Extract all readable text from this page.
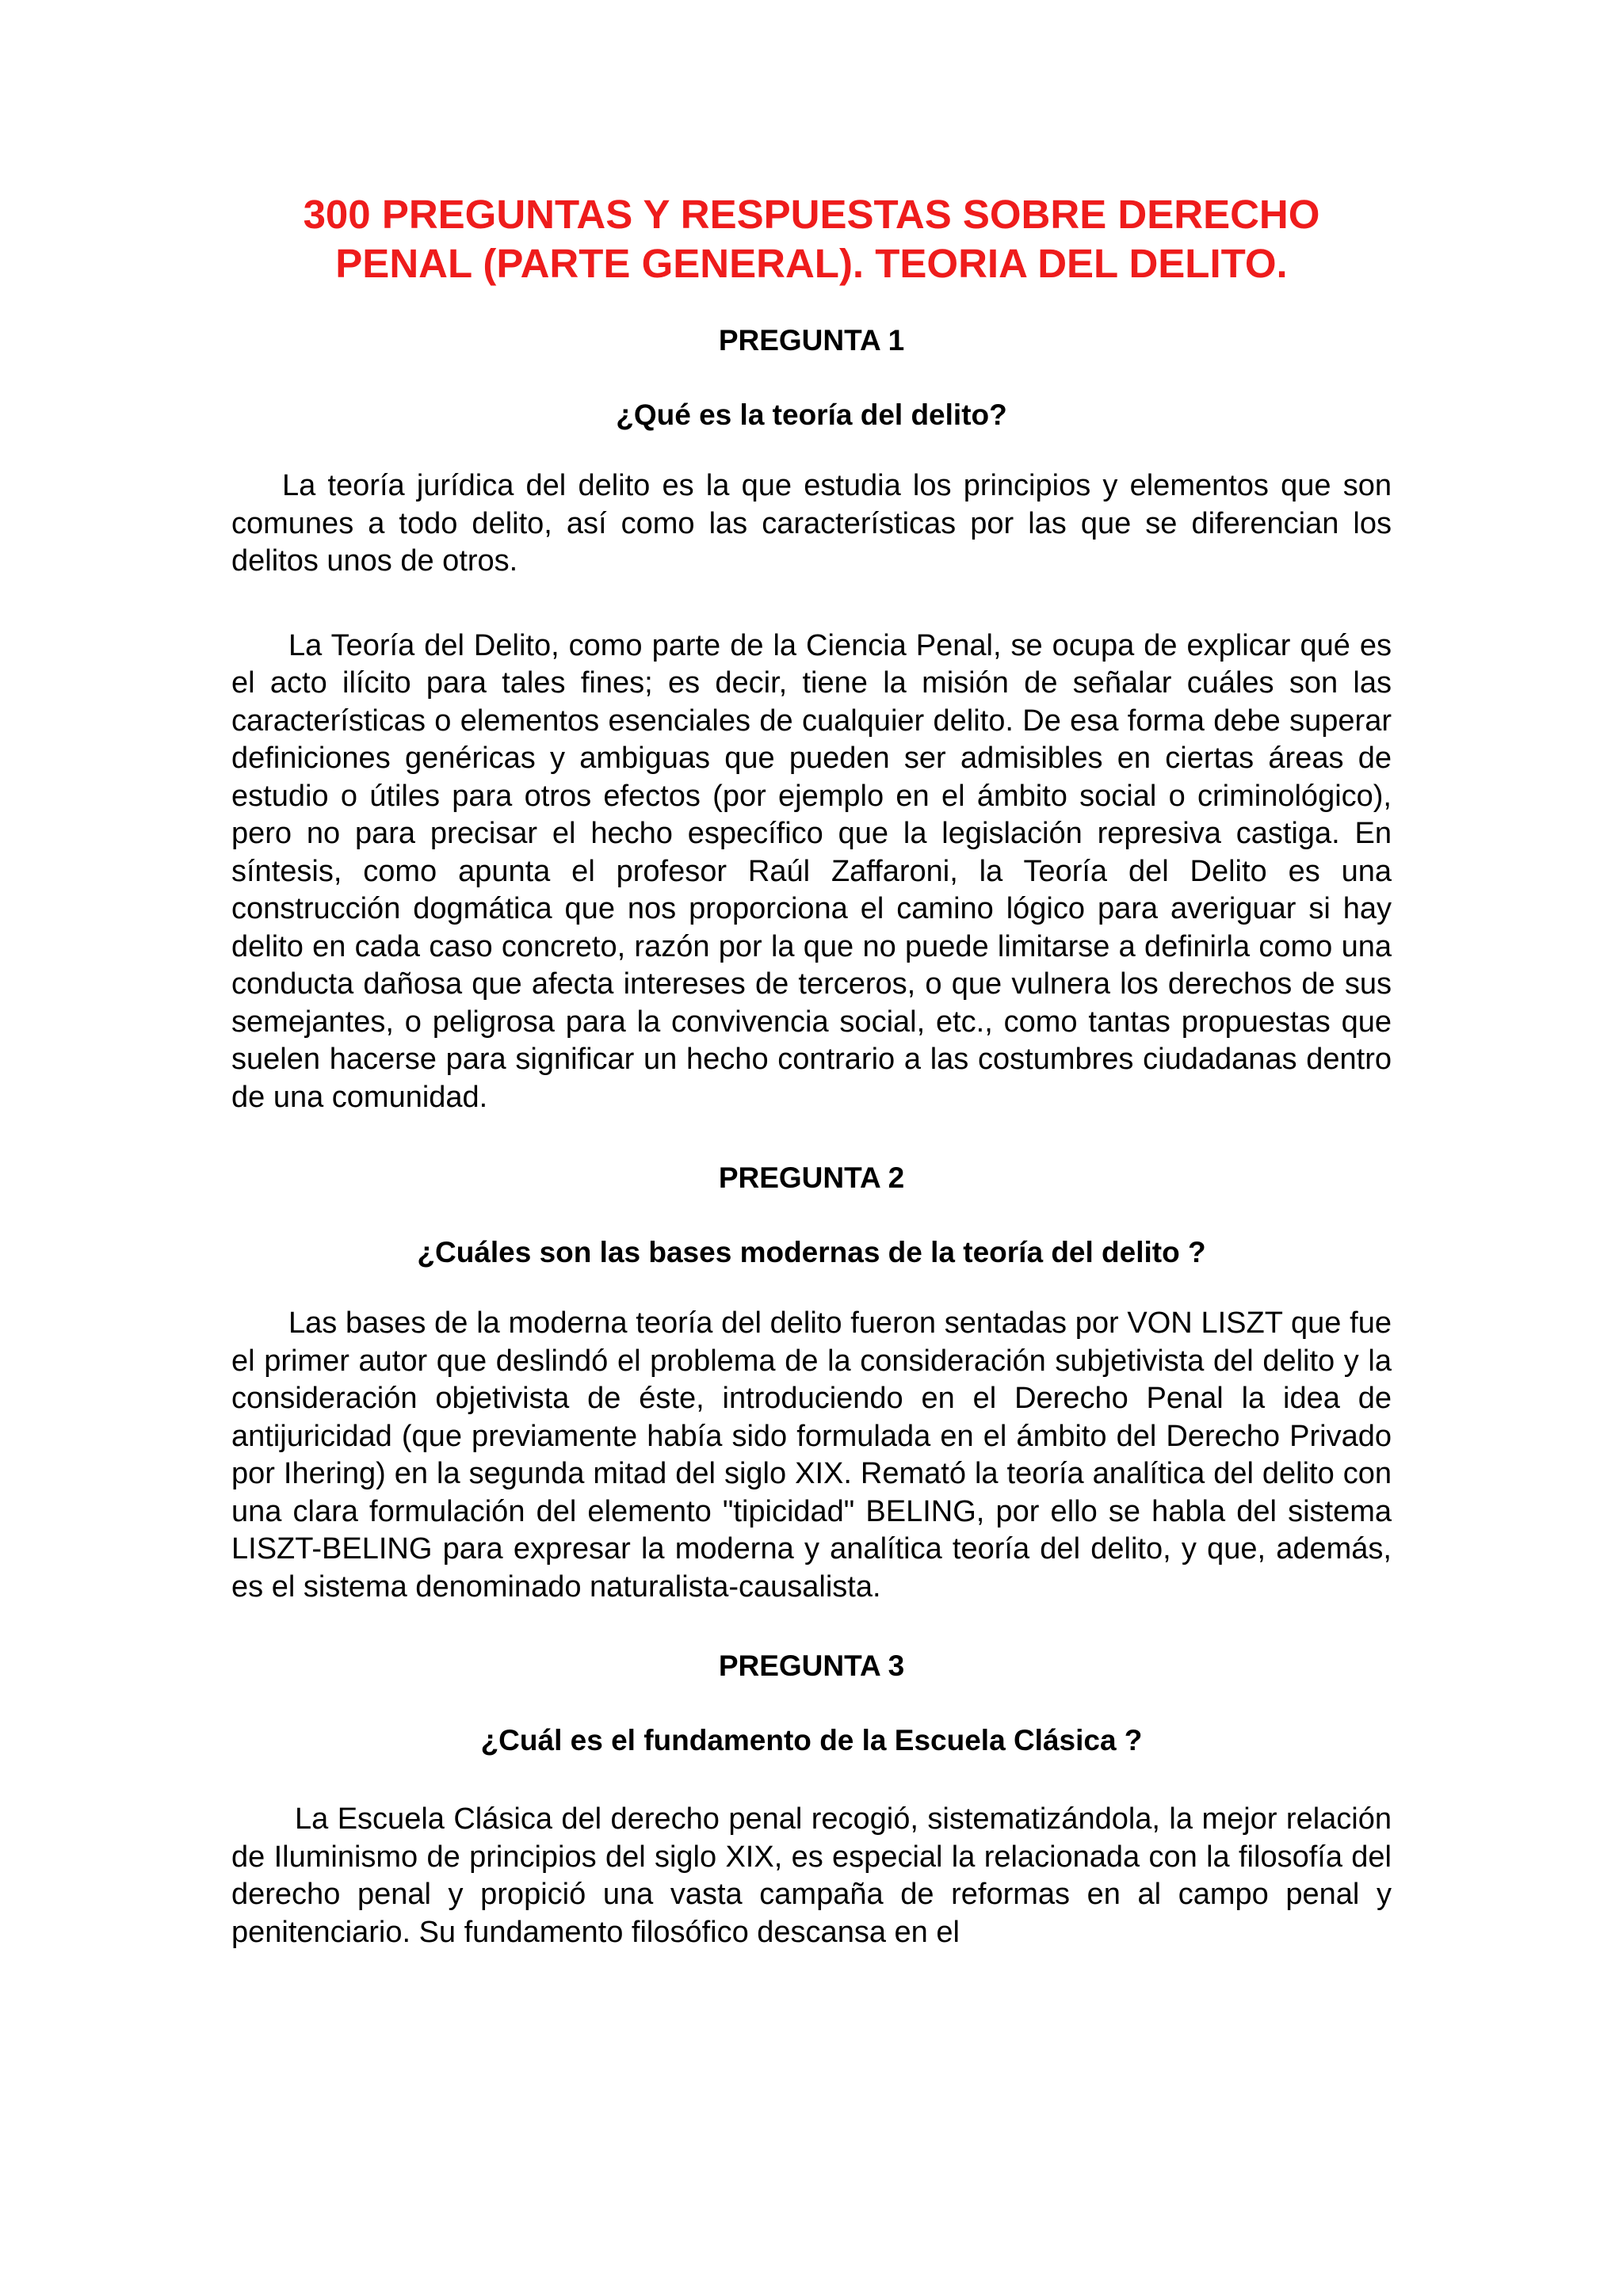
300 PREGUNTAS Y RESPUESTAS SOBRE DERECHO PENAL (PARTE GENERAL). TEORIA DEL DELITO.

PREGUNTA 1

¿Qué es la teoría del delito?

La teoría jurídica del delito es la que estudia los principios y elementos que son comunes a todo delito, así como las características por las que se diferencian los delitos unos de otros.

La Teoría del Delito, como parte de la Ciencia Penal, se ocupa de explicar qué es el acto ilícito para tales fines; es decir, tiene la misión de señalar cuáles son las características o elementos esenciales de cualquier delito. De esa forma debe superar definiciones genéricas y ambiguas que pueden ser admisibles en ciertas áreas de estudio o útiles para otros efectos (por ejemplo en el ámbito social o criminológico), pero no para precisar el hecho específico que la legislación represiva castiga. En síntesis, como apunta el profesor Raúl Zaffaroni, la Teoría del Delito es una construcción dogmática que nos proporciona el camino lógico para averiguar si hay delito en cada caso concreto, razón por la que no puede limitarse a definirla como una conducta dañosa que afecta intereses de terceros, o que vulnera los derechos de sus semejantes, o peligrosa para la convivencia social, etc., como tantas propuestas que suelen hacerse para significar un hecho contrario a las costumbres ciudadanas dentro de una comunidad.

PREGUNTA 2

¿Cuáles son las bases modernas de la teoría del delito ?

Las bases de la moderna teoría del delito fueron sentadas por VON LISZT que fue el primer autor que deslindó el problema de la consideración subjetivista del delito y la consideración objetivista de éste, introduciendo en el Derecho Penal la idea de antijuricidad (que previamente había sido formulada en el ámbito del Derecho Privado por Ihering) en la segunda mitad del siglo XIX. Remató la teoría analítica del delito con una clara formulación del elemento "tipicidad" BELING, por ello se habla del sistema LISZT-BELING para expresar la moderna y analítica teoría del delito, y que, además, es el sistema denominado naturalista-causalista.

PREGUNTA 3

¿Cuál es el fundamento de la Escuela Clásica ?

La Escuela Clásica del derecho penal recogió, sistematizándola, la mejor relación de Iluminismo de principios del siglo XIX, es especial la relacionada con la filosofía del derecho penal y propició una vasta campaña de reformas en al campo penal y penitenciario. Su fundamento filosófico descansa en el
